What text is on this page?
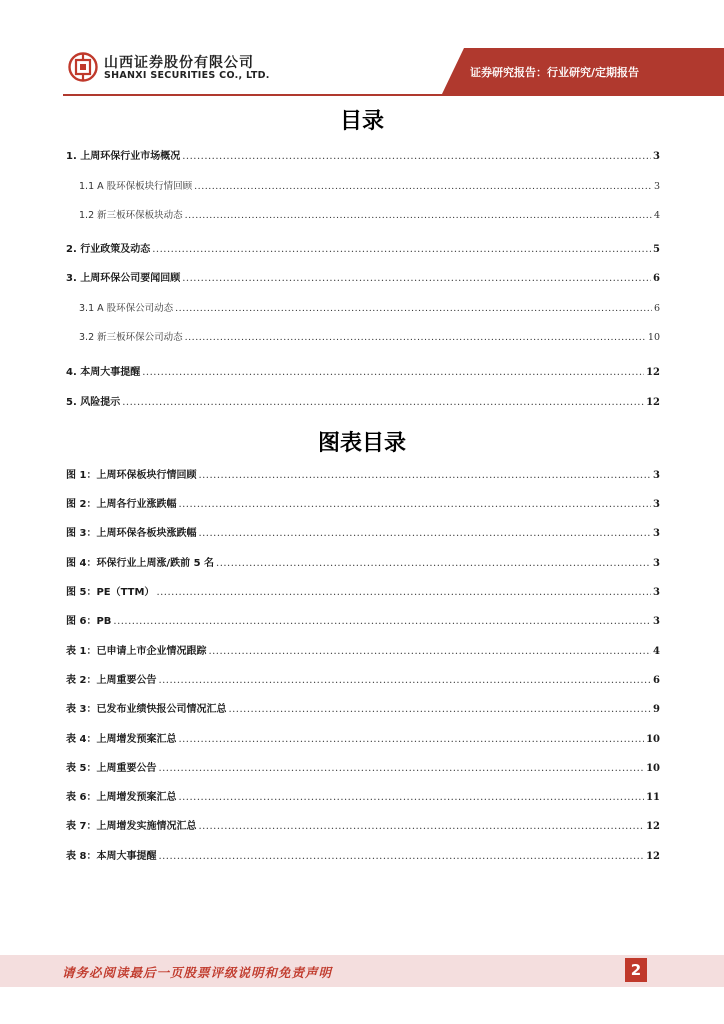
山西证券股份有限公司
SHANXI SECURITIES CO., LTD.	证券研究报告：行业研究/定期报告
目录
1. 上周环保行业市场概况 .....	3
1.1 A 股环保板块行情回顾 .....	3
1.2 新三板环保板块动态 .....	4
2. 行业政策及动态 .....	5
3. 上周环保公司要闻回顾 .....	6
3.1 A 股环保公司动态 .....	6
3.2 新三板环保公司动态 .....	10
4. 本周大事提醒 .....	12
5. 风险提示 .....	12
图表目录
图 1：上周环保板块行情回顾 .....	3
图 2：上周各行业涨跌幅 .....	3
图 3：上周环保各板块涨跌幅 .....	3
图 4：环保行业上周涨/跌前 5 名 .....	3
图 5：PE（TTM） .....	3
图 6：PB .....	3
表 1：已申请上市企业情况跟踪 .....	4
表 2：上周重要公告 .....	6
表 3：已发布业绩快报公司情况汇总 .....	9
表 4：上周增发预案汇总 .....	10
表 5：上周重要公告 .....	10
表 6：上周增发预案汇总 .....	11
表 7：上周增发实施情况汇总 .....	12
表 8：本周大事提醒 .....	12
请务必阅读最后一页股票评级说明和免责声明	2
